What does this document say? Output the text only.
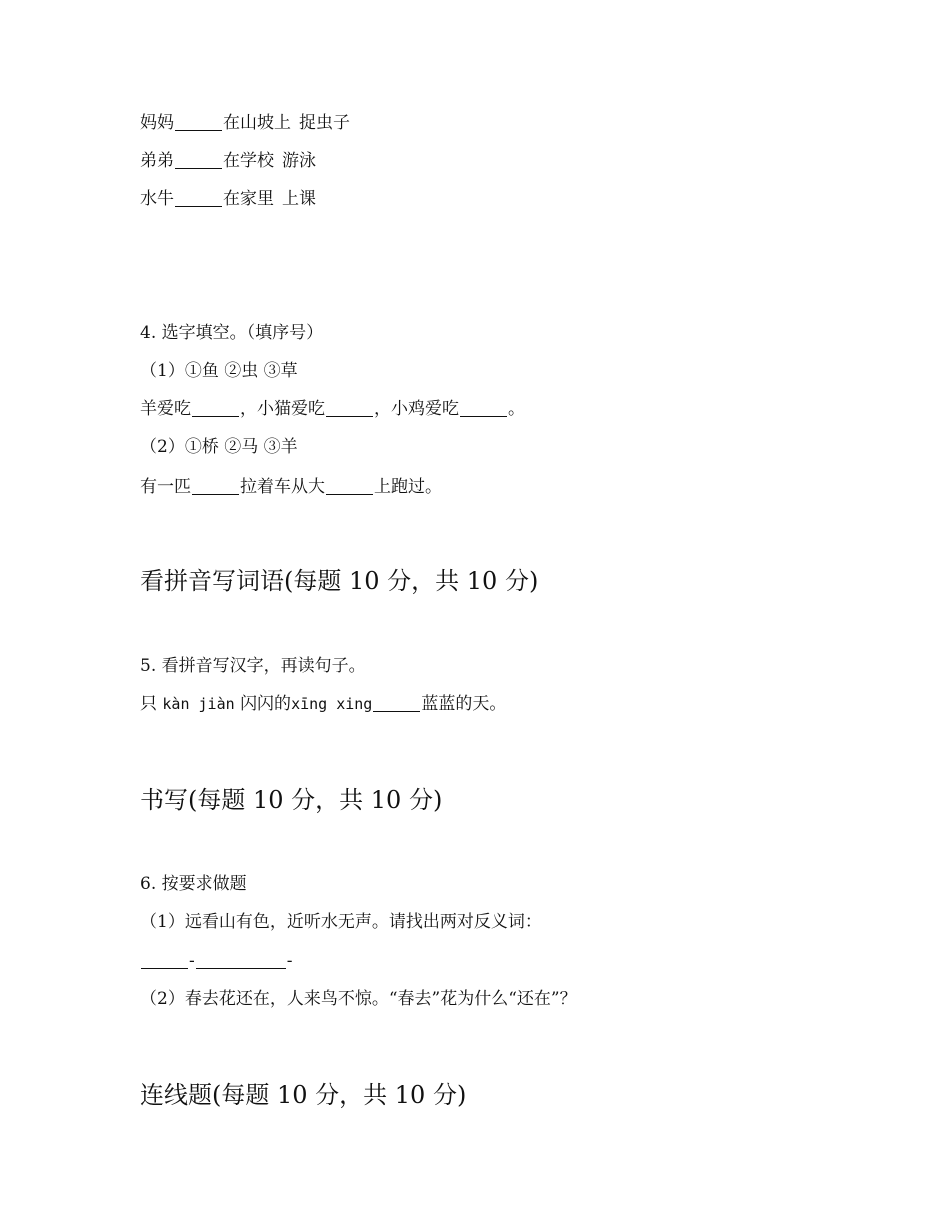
妈妈	在山坡上 捉虫子
弟弟	在学校 游泳
水牛	在家里 上课
4. 选字填空。（填序号）
（1）①鱼 ②虫 ③草
羊爱吃	，小猫爱吃	，小鸡爱吃	。
（2）①桥 ②马 ③羊
有一匹	拉着车从大	上跑过。
看拼音写词语(每题 10 分，共 10 分)
5. 看拼音写汉字，再读句子。
只 kàn jiàn 闪闪的xīng xing	蓝蓝的天。
书写(每题 10 分，共 10 分)
6. 按要求做题
（1）远看山有色，近听水无声。请找出两对反义词：
-	-
（2）春去花还在，人来鸟不惊。“春去”花为什么“还在”？
连线题(每题 10 分，共 10 分)
